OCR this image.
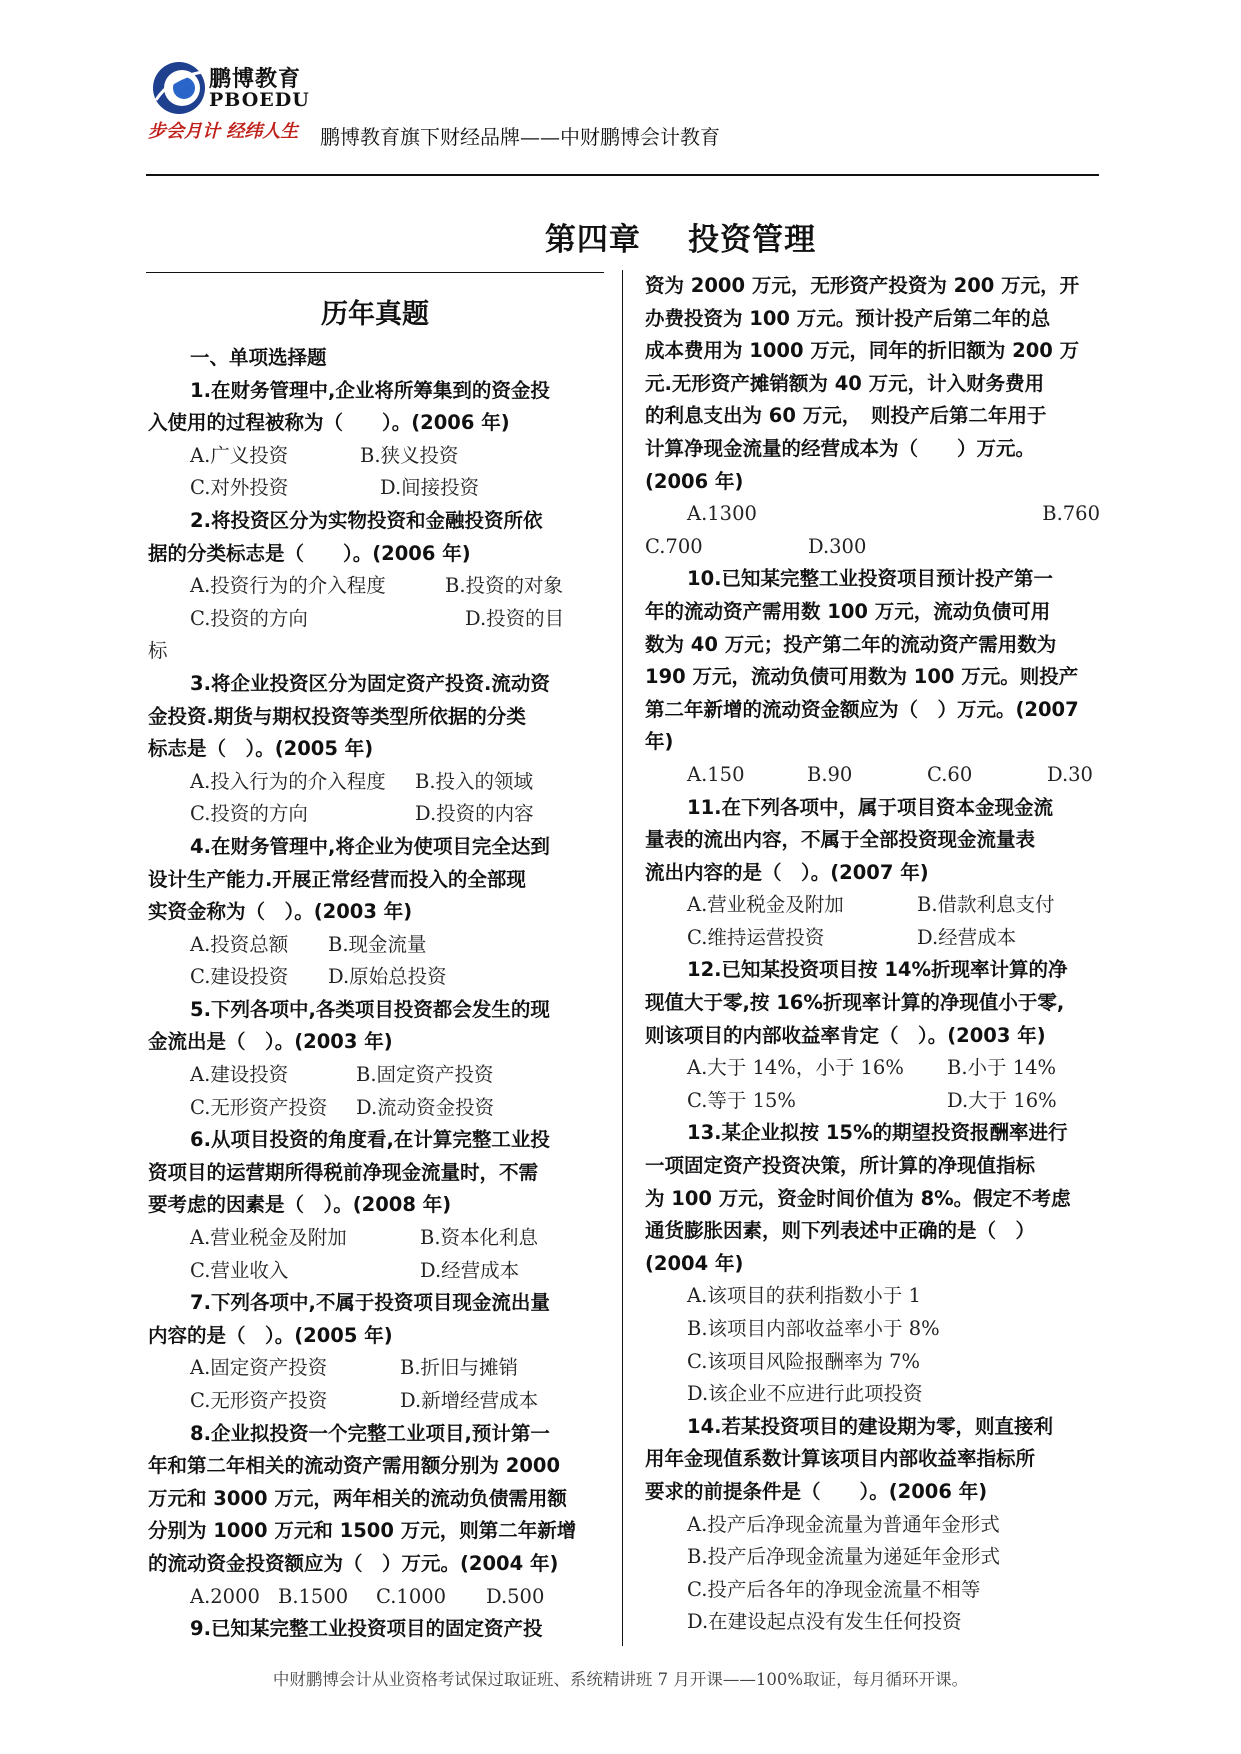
鹏博教育
PBOEDU
步会月计 经纬人生 鹏博教育旗下财经品牌——中财鹏博会计教育
第四章 投资管理
历年真题
一、单项选择题
1.在财务管理中,企业将所筹集到的资金投
入使用的过程被称为（　　）。(2006 年)
A.广义投资	B.狭义投资
C.对外投资	D.间接投资
2.将投资区分为实物投资和金融投资所依
据的分类标志是（　　）。(2006 年)
A.投资行为的介入程度	B.投资的对象
C.投资的方向	D.投资的目
标
3.将企业投资区分为固定资产投资.流动资
金投资.期货与期权投资等类型所依据的分类
标志是（　）。(2005 年)
A.投入行为的介入程度	B.投入的领域
C.投资的方向	D.投资的内容
4.在财务管理中,将企业为使项目完全达到
设计生产能力.开展正常经营而投入的全部现
实资金称为（　）。(2003 年)
A.投资总额	B.现金流量
C.建设投资	D.原始总投资
5.下列各项中,各类项目投资都会发生的现
金流出是（　）。(2003 年)
A.建设投资	B.固定资产投资
C.无形资产投资	D.流动资金投资
6.从项目投资的角度看,在计算完整工业投
资项目的运营期所得税前净现金流量时，不需
要考虑的因素是（　）。(2008 年)
A.营业税金及附加	B.资本化利息
C.营业收入	D.经营成本
7.下列各项中,不属于投资项目现金流出量
内容的是（　）。(2005 年)
A.固定资产投资	B.折旧与摊销
C.无形资产投资	D.新增经营成本
8.企业拟投资一个完整工业项目,预计第一
年和第二年相关的流动资产需用额分别为 2000
万元和 3000 万元，两年相关的流动负债需用额
分别为 1000 万元和 1500 万元，则第二年新增
的流动资金投资额应为（　）万元。(2004 年)
A.2000 B.1500	C.1000	D.500
9.已知某完整工业投资项目的固定资产投
资为 2000 万元，无形资产投资为 200 万元，开
办费投资为 100 万元。预计投产后第二年的总
成本费用为 1000 万元，同年的折旧额为 200 万
元.无形资产摊销额为 40 万元，计入财务费用
的利息支出为 60 万元，　则投产后第二年用于
计算净现金流量的经营成本为（　　）万元。
(2006 年)
A.1300	B.760
C.700	D.300
10.已知某完整工业投资项目预计投产第一
年的流动资产需用数 100 万元，流动负债可用
数为 40 万元；投产第二年的流动资产需用数为
190 万元，流动负债可用数为 100 万元。则投产
第二年新增的流动资金额应为（　）万元。(2007
年)
A.150	B.90	C.60	D.30
11.在下列各项中，属于项目资本金现金流
量表的流出内容，不属于全部投资现金流量表
流出内容的是（　）。(2007 年)
A.营业税金及附加	B.借款利息支付
C.维持运营投资	D.经营成本
12.已知某投资项目按 14%折现率计算的净
现值大于零,按 16%折现率计算的净现值小于零,
则该项目的内部收益率肯定（　）。(2003 年)
A.大于 14%，小于 16%	B.小于 14%
C.等于 15%	D.大于 16%
13.某企业拟按 15%的期望投资报酬率进行
一项固定资产投资决策，所计算的净现值指标
为 100 万元，资金时间价值为 8%。假定不考虑
通货膨胀因素，则下列表述中正确的是（　）
(2004 年)
A.该项目的获利指数小于 1
B.该项目内部收益率小于 8%
C.该项目风险报酬率为 7%
D.该企业不应进行此项投资
14.若某投资项目的建设期为零，则直接利
用年金现值系数计算该项目内部收益率指标所
要求的前提条件是（　　）。(2006 年)
A.投产后净现金流量为普通年金形式
B.投产后净现金流量为递延年金形式
C.投产后各年的净现金流量不相等
D.在建设起点没有发生任何投资
中财鹏博会计从业资格考试保过取证班、系统精讲班 7 月开课——100%取证，每月循环开课。
